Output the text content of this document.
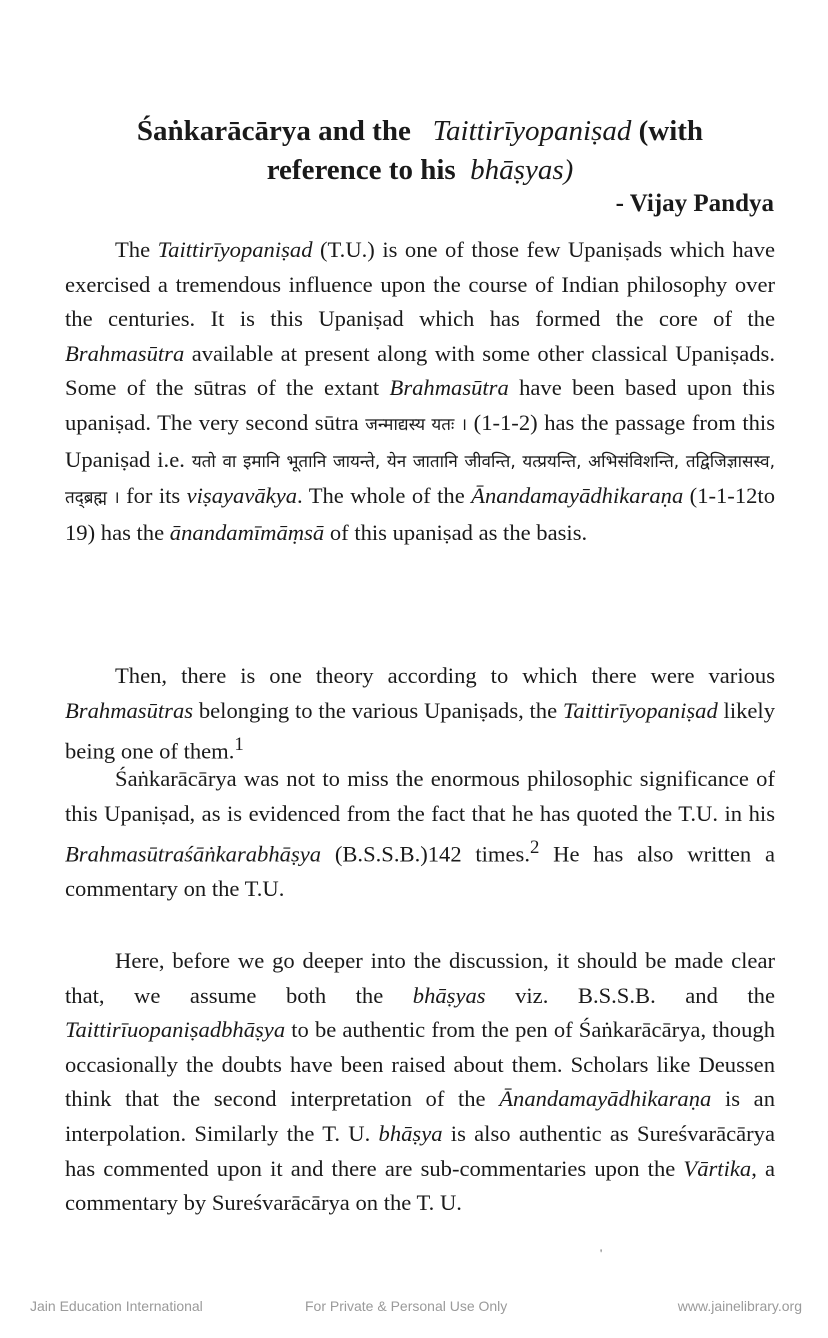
Śaṅkarācārya and the Taittirīyopaniṣad (with
reference to his bhāṣyas)
- Vijay Pandya

The Taittirīyopaniṣad (T.U.) is one of those few Upaniṣads which have exercised a tremendous influence upon the course of Indian philosophy over the centuries. It is this Upaniṣad which has formed the core of the Brahmasūtra available at present along with some other classical Upaniṣads. Some of the sūtras of the extant Brahmasūtra have been based upon this upaniṣad. The very second sūtra जन्माद्यस्य यतः । (1-1-2) has the passage from this Upaniṣad i.e. यतो वा इमानि भूतानि जायन्ते, येन जातानि जीवन्ति, यत्प्रयन्ति, अभिसंविशन्ति, तद्विजिज्ञासस्व, तद्ब्रह्म । for its viṣayavākya. The whole of the Ānandamayādhikaraṇa (1-1-12to 19) has the ānandamīmāṃsā of this upaniṣad as the basis.

Then, there is one theory according to which there were various Brahmasūtras belonging to the various Upaniṣads, the Taittirīyopaniṣad likely being one of them.$^1$

Śaṅkarācārya was not to miss the enormous philosophic significance of this Upaniṣad, as is evidenced from the fact that he has quoted the T.U. in his Brahmasūtraśāṅkarabhāṣya (B.S.S.B.)142 times.$^2$ He has also written a commentary on the T.U.

Here, before we go deeper into the discussion, it should be made clear that, we assume both the bhāṣyas viz. B.S.S.B. and the Taittirīuopaniṣadbhāṣya to be authentic from the pen of Śaṅkarācārya, though occasionally the doubts have been raised about them. Scholars like Deussen think that the second interpretation of the Ānandamayādhikaraṇa is an interpolation. Similarly the T. U. bhāṣya is also authentic as Sureśvarācārya has commented upon it and there are sub-commentaries upon the Vārtika, a commentary by Sureśvarācārya on the T. U.

'
Jain Education International	For Private & Personal Use Only	www.jainelibrary.org
